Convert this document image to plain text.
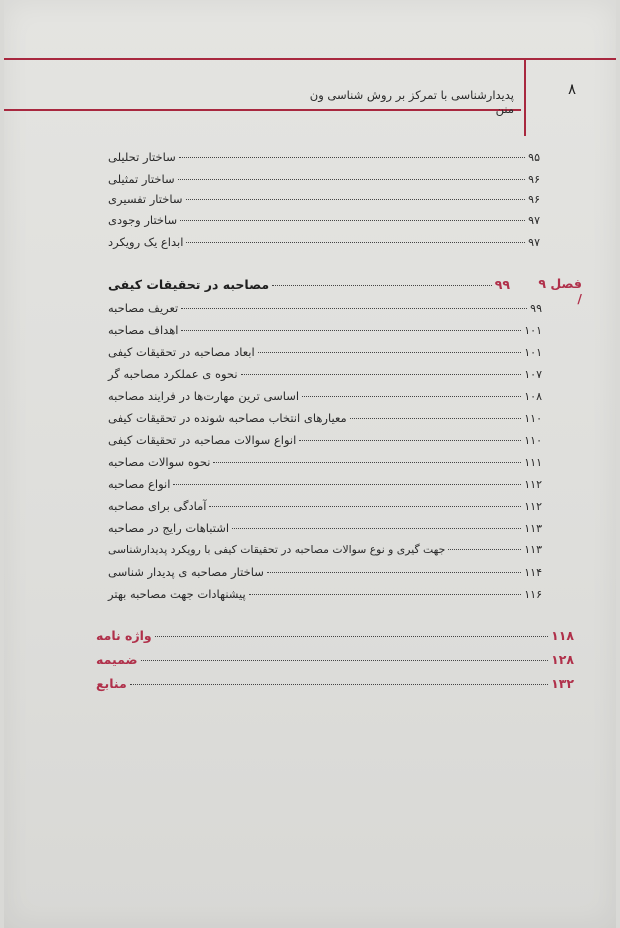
۸
پدیدارشناسی با تمرکز بر روش شناسی ون منن
ساختار تحلیلی	۹۵
ساختار تمثیلی	۹۶
ساختار تفسیری	۹۶
ساختار وجودی	۹۷
ابداع یک رویکرد	۹۷
فصل ۹ /
مصاحبه در تحقیقات کیفی	۹۹
تعریف مصاحبه	۹۹
اهداف مصاحبه	۱۰۱
ابعاد مصاحبه در تحقیقات کیفی	۱۰۱
نحوه ی عملکرد مصاحبه گر	۱۰۷
اساسی ترین مهارت‌ها در فرایند مصاحبه	۱۰۸
معیارهای انتخاب مصاحبه شونده در تحقیقات کیفی	۱۱۰
انواع سوالات مصاحبه در تحقیقات کیفی	۱۱۰
نحوه سوالات مصاحبه	۱۱۱
انواع مصاحبه	۱۱۲
آمادگی برای مصاحبه	۱۱۲
اشتباهات رایج در مصاحبه	۱۱۳
جهت گیری و نوع سوالات مصاحبه در تحقیقات کیفی با رویکرد پدیدارشناسی	۱۱۳
ساختار مصاحبه ی پدیدار شناسی	۱۱۴
پیشنهادات جهت مصاحبه بهتر	۱۱۶
واژه نامه	۱۱۸
ضمیمه	۱۲۸
منابع	۱۳۲
